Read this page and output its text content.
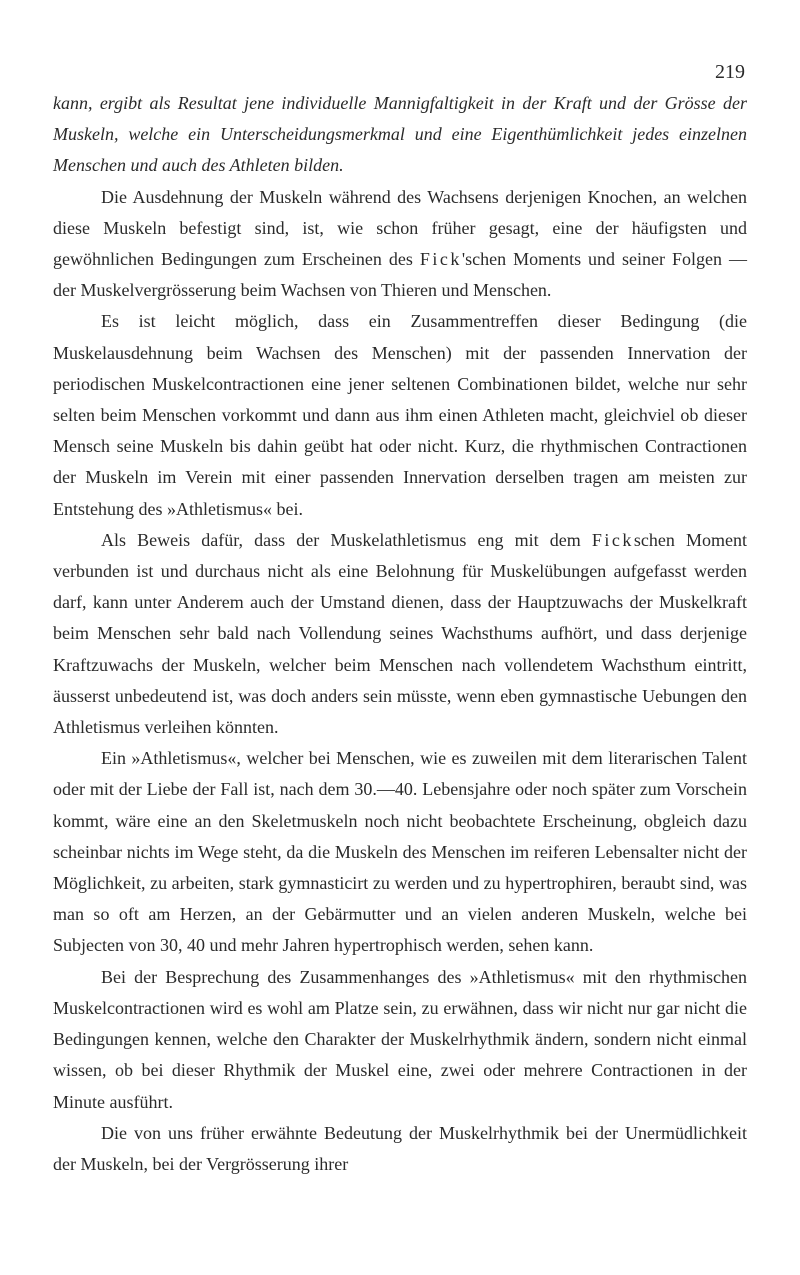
219

kann, ergibt als Resultat jene individuelle Mannigfaltigkeit in der Kraft und der Grösse der Muskeln, welche ein Unterscheidungsmerkmal und eine Eigenthümlichkeit jedes einzelnen Menschen und auch des Athleten bilden.

Die Ausdehnung der Muskeln während des Wachsens derjenigen Knochen, an welchen diese Muskeln befestigt sind, ist, wie schon früher gesagt, eine der häufigsten und gewöhnlichen Bedingungen zum Erscheinen des Fick'schen Moments und seiner Folgen — der Muskelvergrösserung beim Wachsen von Thieren und Menschen.

Es ist leicht möglich, dass ein Zusammentreffen dieser Bedingung (die Muskelausdehnung beim Wachsen des Menschen) mit der passenden Innervation der periodischen Muskelcontractionen eine jener seltenen Combinationen bildet, welche nur sehr selten beim Menschen vorkommt und dann aus ihm einen Athleten macht, gleichviel ob dieser Mensch seine Muskeln bis dahin geübt hat oder nicht. Kurz, die rhythmischen Contractionen der Muskeln im Verein mit einer passenden Innervation derselben tragen am meisten zur Entstehung des »Athletismus« bei.

Als Beweis dafür, dass der Muskelathletismus eng mit dem Fickschen Moment verbunden ist und durchaus nicht als eine Belohnung für Muskelübungen aufgefasst werden darf, kann unter Anderem auch der Umstand dienen, dass der Hauptzuwachs der Muskelkraft beim Menschen sehr bald nach Vollendung seines Wachsthums aufhört, und dass derjenige Kraftzuwachs der Muskeln, welcher beim Menschen nach vollendetem Wachsthum eintritt, äusserst unbedeutend ist, was doch anders sein müsste, wenn eben gymnastische Uebungen den Athletismus verleihen könnten.

Ein »Athletismus«, welcher bei Menschen, wie es zuweilen mit dem literarischen Talent oder mit der Liebe der Fall ist, nach dem 30.—40. Lebensjahre oder noch später zum Vorschein kommt, wäre eine an den Skeletmuskeln noch nicht beobachtete Erscheinung, obgleich dazu scheinbar nichts im Wege steht, da die Muskeln des Menschen im reiferen Lebensalter nicht der Möglichkeit, zu arbeiten, stark gymnasticirt zu werden und zu hypertrophiren, beraubt sind, was man so oft am Herzen, an der Gebärmutter und an vielen anderen Muskeln, welche bei Subjecten von 30, 40 und mehr Jahren hypertrophisch werden, sehen kann.

Bei der Besprechung des Zusammenhanges des »Athletismus« mit den rhythmischen Muskelcontractionen wird es wohl am Platze sein, zu erwähnen, dass wir nicht nur gar nicht die Bedingungen kennen, welche den Charakter der Muskelrhythmik ändern, sondern nicht einmal wissen, ob bei dieser Rhythmik der Muskel eine, zwei oder mehrere Contractionen in der Minute ausführt.

Die von uns früher erwähnte Bedeutung der Muskelrhythmik bei der Unermüdlichkeit der Muskeln, bei der Vergrösserung ihrer
